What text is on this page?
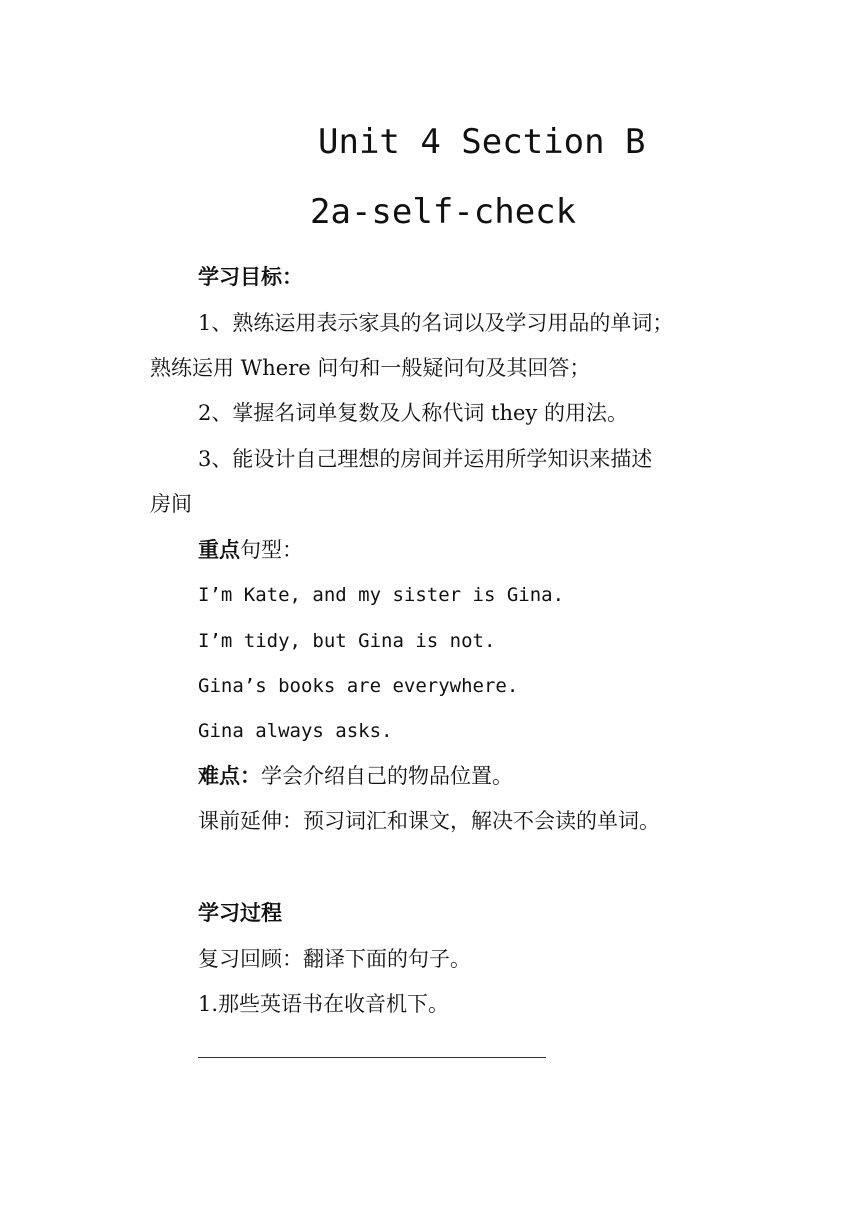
Unit 4 Section B
2a-self-check
学习目标：
1、熟练运用表示家具的名词以及学习用品的单词；
熟练运用 Where 问句和一般疑问句及其回答；
2、掌握名词单复数及人称代词 they 的用法。
3、能设计自己理想的房间并运用所学知识来描述
房间
重点句型：
I’m Kate, and my sister is Gina.
I’m tidy, but Gina is not.
Gina’s books are everywhere.
Gina always asks.
难点：学会介绍自己的物品位置。
课前延伸：预习词汇和课文，解决不会读的单词。
学习过程
复习回顾：翻译下面的句子。
1.那些英语书在收音机下。
